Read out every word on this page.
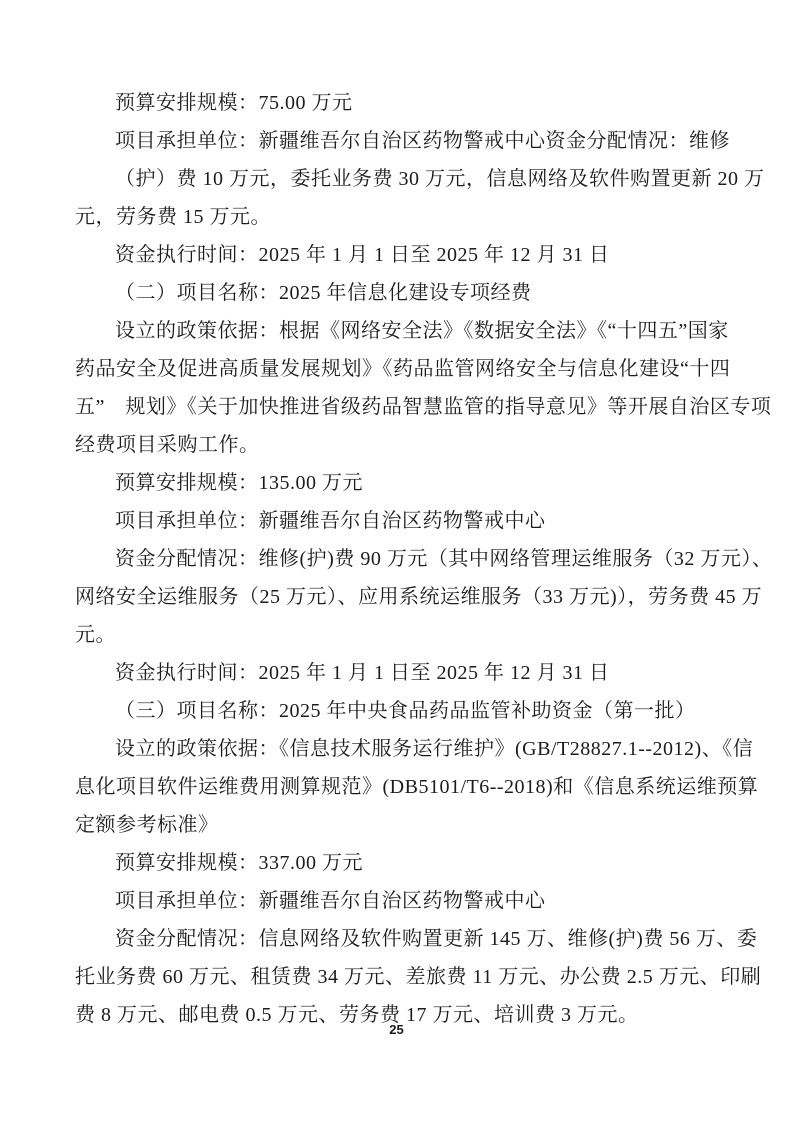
预算安排规模：75.00 万元
项目承担单位：新疆维吾尔自治区药物警戒中心资金分配情况：维修
（护）费 10 万元，委托业务费 30 万元，信息网络及软件购置更新 20 万
元，劳务费 15 万元。
资金执行时间：2025 年 1 月 1 日至 2025 年 12 月 31 日
（二）项目名称：2025 年信息化建设专项经费
设立的政策依据：根据《网络安全法》《数据安全法》《“十四五”国家
药品安全及促进高质量发展规划》《药品监管网络安全与信息化建设“十四
五”　规划》《关于加快推进省级药品智慧监管的指导意见》等开展自治区专项
经费项目采购工作。
预算安排规模：135.00 万元
项目承担单位：新疆维吾尔自治区药物警戒中心
资金分配情况：维修(护)费 90 万元（其中网络管理运维服务（32 万元）、
网络安全运维服务（25 万元）、应用系统运维服务（33 万元)），劳务费 45 万
元。
资金执行时间：2025 年 1 月 1 日至 2025 年 12 月 31 日
（三）项目名称：2025 年中央食品药品监管补助资金（第一批）
设立的政策依据：《信息技术服务运行维护》(GB/T28827.1--2012)、《信
息化项目软件运维费用测算规范》(DB5101/T6--2018)和《信息系统运维预算
定额参考标准》
预算安排规模：337.00 万元
项目承担单位：新疆维吾尔自治区药物警戒中心
资金分配情况：信息网络及软件购置更新 145 万、维修(护)费 56 万、委
托业务费 60 万元、租赁费 34 万元、差旅费 11 万元、办公费 2.5 万元、印刷
费 8 万元、邮电费 0.5 万元、劳务费 17 万元、培训费 3 万元。
25
